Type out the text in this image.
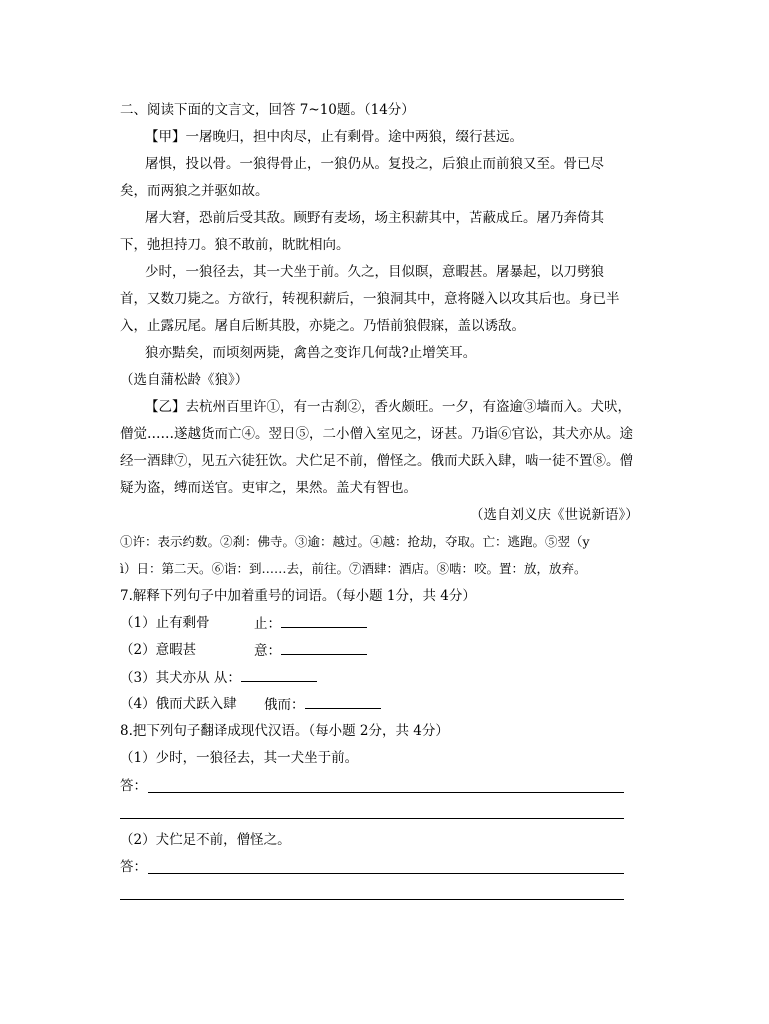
二、阅读下面的文言文，回答 7~10题。（14分）
【甲】一屠晚归，担中肉尽，止有剩骨。途中两狼，缀行甚远。
屠惧，投以骨。一狼得骨止，一狼仍从。复投之，后狼止而前狼又至。骨已尽
矣，而两狼之并驱如故。
屠大窘，恐前后受其敌。顾野有麦场，场主积薪其中，苫蔽成丘。屠乃奔倚其
下，弛担持刀。狼不敢前，眈眈相向。
少时，一狼径去，其一犬坐于前。久之，目似瞑，意暇甚。屠暴起，以刀劈狼
首，又数刀毙之。方欲行，转视积薪后，一狼洞其中，意将隧入以攻其后也。身已半
入，止露尻尾。屠自后断其股，亦毙之。乃悟前狼假寐，盖以诱敌。
狼亦黠矣，而顷刻两毙，禽兽之变诈几何哉?止增笑耳。
（选自蒲松龄《狼》）
【乙】去杭州百里许①，有一古刹②，香火颇旺。一夕，有盗逾③墙而入。犬吠，
僧觉……遂越货而亡④。翌日⑤，二小僧入室见之，讶甚。乃诣⑥官讼，其犬亦从。途
经一酒肆⑦，见五六徒狂饮。犬伫足不前，僧怪之。俄而犬跃入肆，啮一徒不置⑧。僧
疑为盗，缚而送官。吏审之，果然。盖犬有智也。
（选自刘义庆《世说新语》）
①许：表示约数。②刹：佛寺。③逾：越过。④越：抢劫，夺取。亡：逃跑。⑤翌（y
ì）日：第二天。⑥诣：到……去，前往。⑦酒肆：酒店。⑧啮：咬。置：放，放弃。
7.解释下列句子中加着重号的词语。（每小题 1分，共 4分）
（1）止有剩骨	止：
（2）意暇甚	意：
（3）其犬亦从 从：
（4）俄而犬跃入肆 俄而：
8.把下列句子翻译成现代汉语。（每小题 2分，共 4分）
（1）少时，一狼径去，其一犬坐于前。
答：
（2）犬伫足不前，僧怪之。
答：
